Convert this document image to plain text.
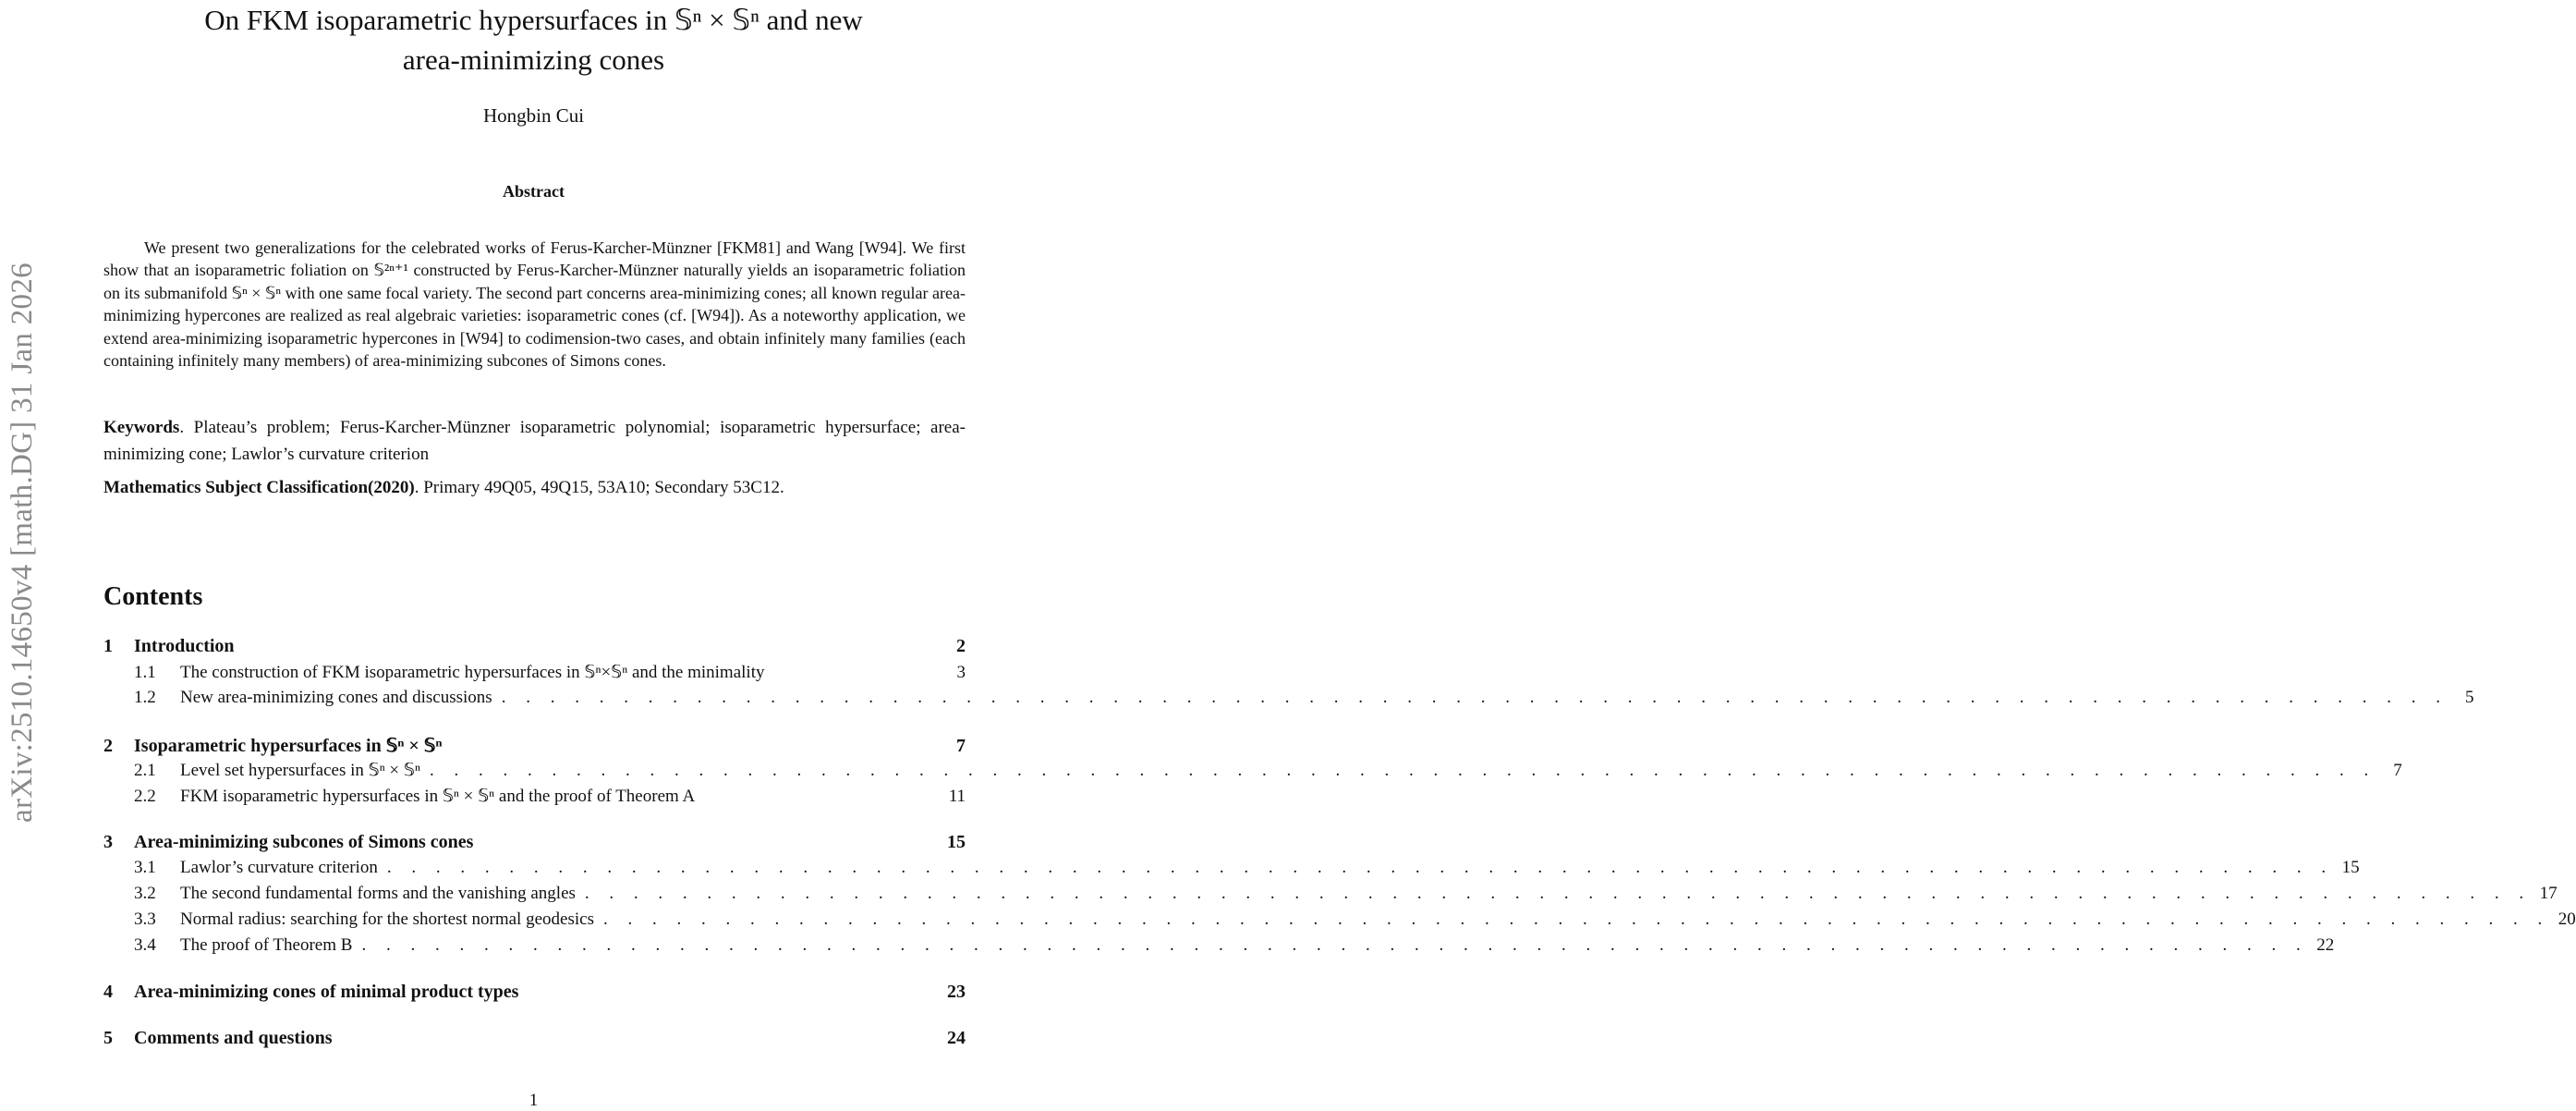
arXiv:2510.14650v4 [math.DG] 31 Jan 2026
On FKM isoparametric hypersurfaces in 𝕊ⁿ × 𝕊ⁿ and new
area-minimizing cones
Hongbin Cui
Abstract

We present two generalizations for the celebrated works of Ferus-Karcher-Münzner [FKM81] and Wang [W94]. We first show that an isoparametric foliation on 𝕊²ⁿ⁺¹ constructed by Ferus-Karcher-Münzner naturally yields an isoparametric foliation on its submanifold 𝕊ⁿ × 𝕊ⁿ with one same focal variety. The second part concerns area-minimizing cones; all known regular area-minimizing hypercones are realized as real algebraic varieties: isoparametric cones (cf. [W94]). As a noteworthy application, we extend area-minimizing isoparametric hypercones in [W94] to codimension-two cases, and obtain infinitely many families (each containing infinitely many members) of area-minimizing subcones of Simons cones.

Keywords. Plateau’s problem; Ferus-Karcher-Münzner isoparametric polynomial; isoparametric hypersurface; area-minimizing cone; Lawlor’s curvature criterion

Mathematics Subject Classification(2020). Primary 49Q05, 49Q15, 53A10; Secondary 53C12.

Contents
1	Introduction	2
1.1	The construction of FKM isoparametric hypersurfaces in 𝕊ⁿ×𝕊ⁿ and the minimality	3
1.2	New area-minimizing cones and discussions . . . . . . . . . . . . . . . . . . . . . . . . . . . . . . . . . . . . . . . . . . . . . . . . . . . . . . . . . . . . . . . . . . . . . . . . . . . . . . . . 5
2	Isoparametric hypersurfaces in 𝕊ⁿ × 𝕊ⁿ	7
2.1	Level set hypersurfaces in 𝕊ⁿ × 𝕊ⁿ . . . . . . . . . . . . . . . . . . . . . . . . . . . . . . . . . . . . . . . . . . . . . . . . . . . . . . . . . . . . . . . . . . . . . . . . . . . . . . . . 7
2.2	FKM isoparametric hypersurfaces in 𝕊ⁿ × 𝕊ⁿ and the proof of Theorem A	11
3	Area-minimizing subcones of Simons cones	15
3.1	Lawlor’s curvature criterion . . . . . . . . . . . . . . . . . . . . . . . . . . . . . . . . . . . . . . . . . . . . . . . . . . . . . . . . . . . . . . . . . . . . . . . . . . . . . . . . 15
3.2	The second fundamental forms and the vanishing angles . . . . . . . . . . . . . . . . . . . . . . . . . . . . . . . . . . . . . . . . . . . . . . . . . . . . . . . . . . . . . . . . . . . . . . . . . . . . . . . . 17
3.3	Normal radius: searching for the shortest normal geodesics . . . . . . . . . . . . . . . . . . . . . . . . . . . . . . . . . . . . . . . . . . . . . . . . . . . . . . . . . . . . . . . . . . . . . . . . . . . . . . . . 20
3.4	The proof of Theorem B . . . . . . . . . . . . . . . . . . . . . . . . . . . . . . . . . . . . . . . . . . . . . . . . . . . . . . . . . . . . . . . . . . . . . . . . . . . . . . . . 22
4	Area-minimizing cones of minimal product types	23
5	Comments and questions	24
1
